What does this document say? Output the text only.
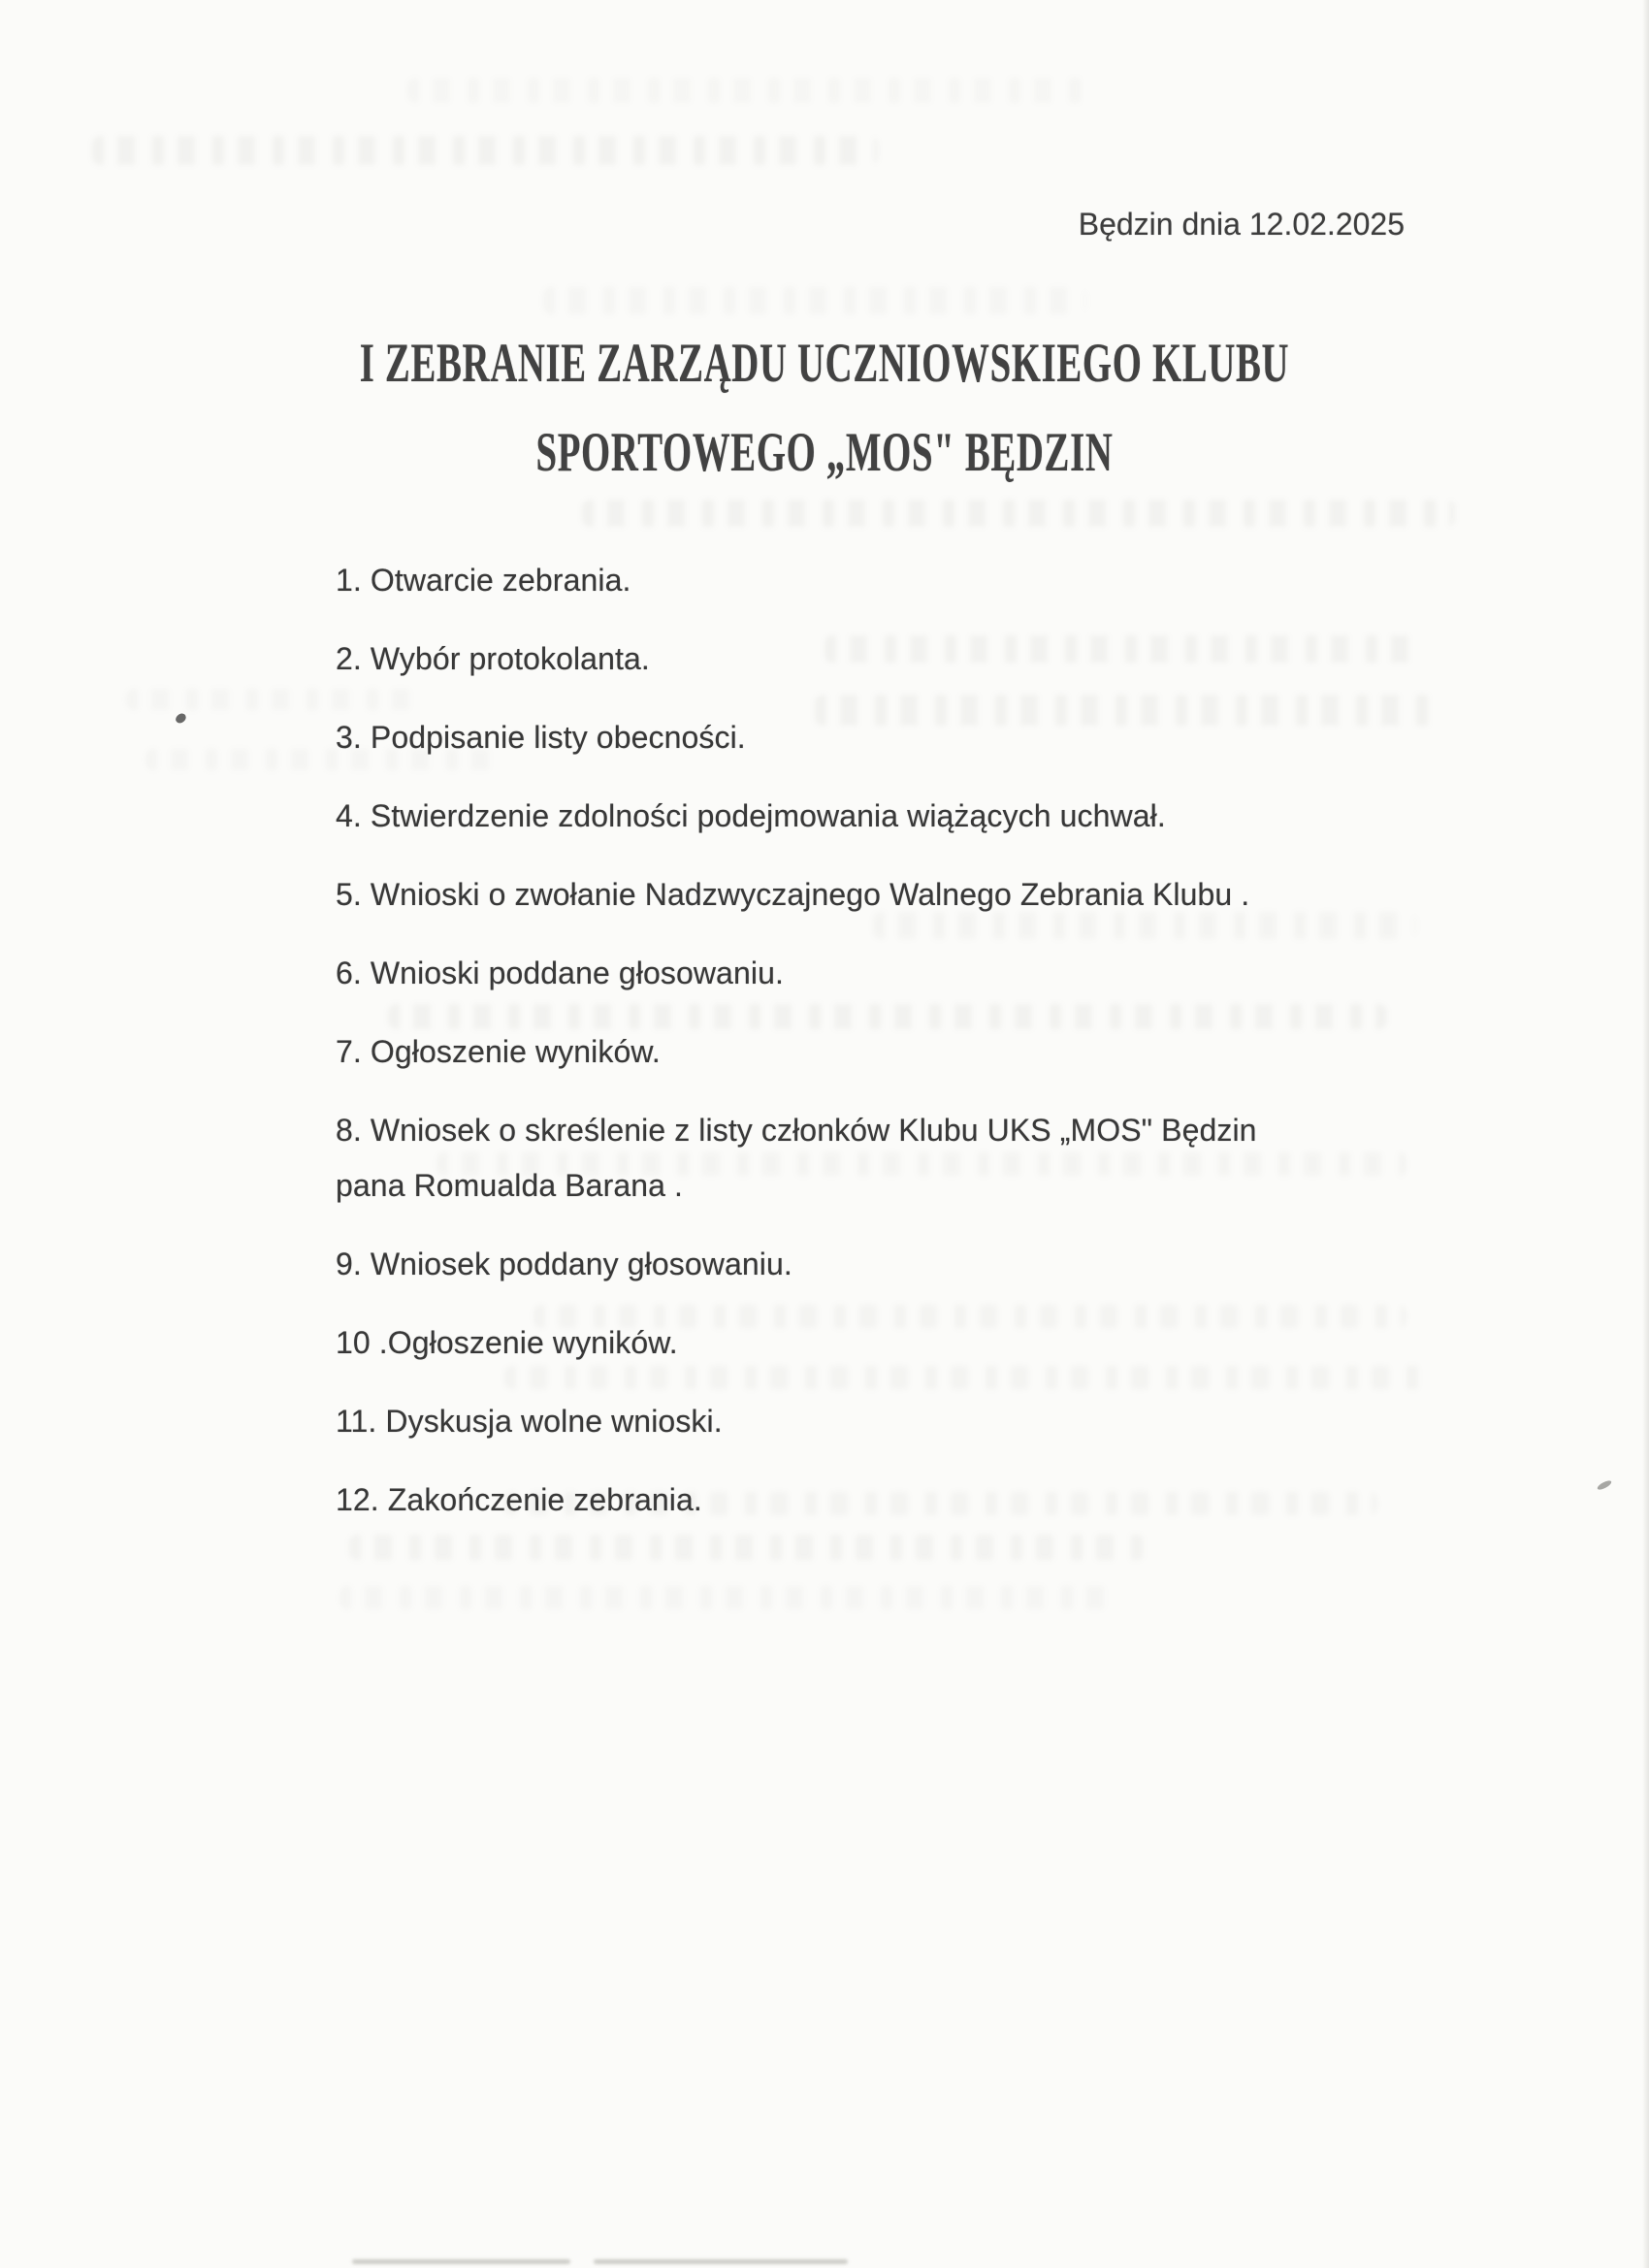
Będzin dnia 12.02.2025
I ZEBRANIE ZARZĄDU UCZNIOWSKIEGO KLUBU
SPORTOWEGO „MOS" BĘDZIN
1. Otwarcie zebrania.
2. Wybór protokolanta.
3. Podpisanie listy obecności.
4. Stwierdzenie zdolności podejmowania wiążących uchwał.
5. Wnioski o zwołanie Nadzwyczajnego Walnego Zebrania Klubu .
6. Wnioski poddane głosowaniu.
7. Ogłoszenie wyników.
8. Wniosek o skreślenie z listy członków Klubu UKS „MOS" Będzin
pana Romualda Barana .
9. Wniosek poddany głosowaniu.
10 .Ogłoszenie wyników.
11. Dyskusja wolne wnioski.
12. Zakończenie zebrania.
